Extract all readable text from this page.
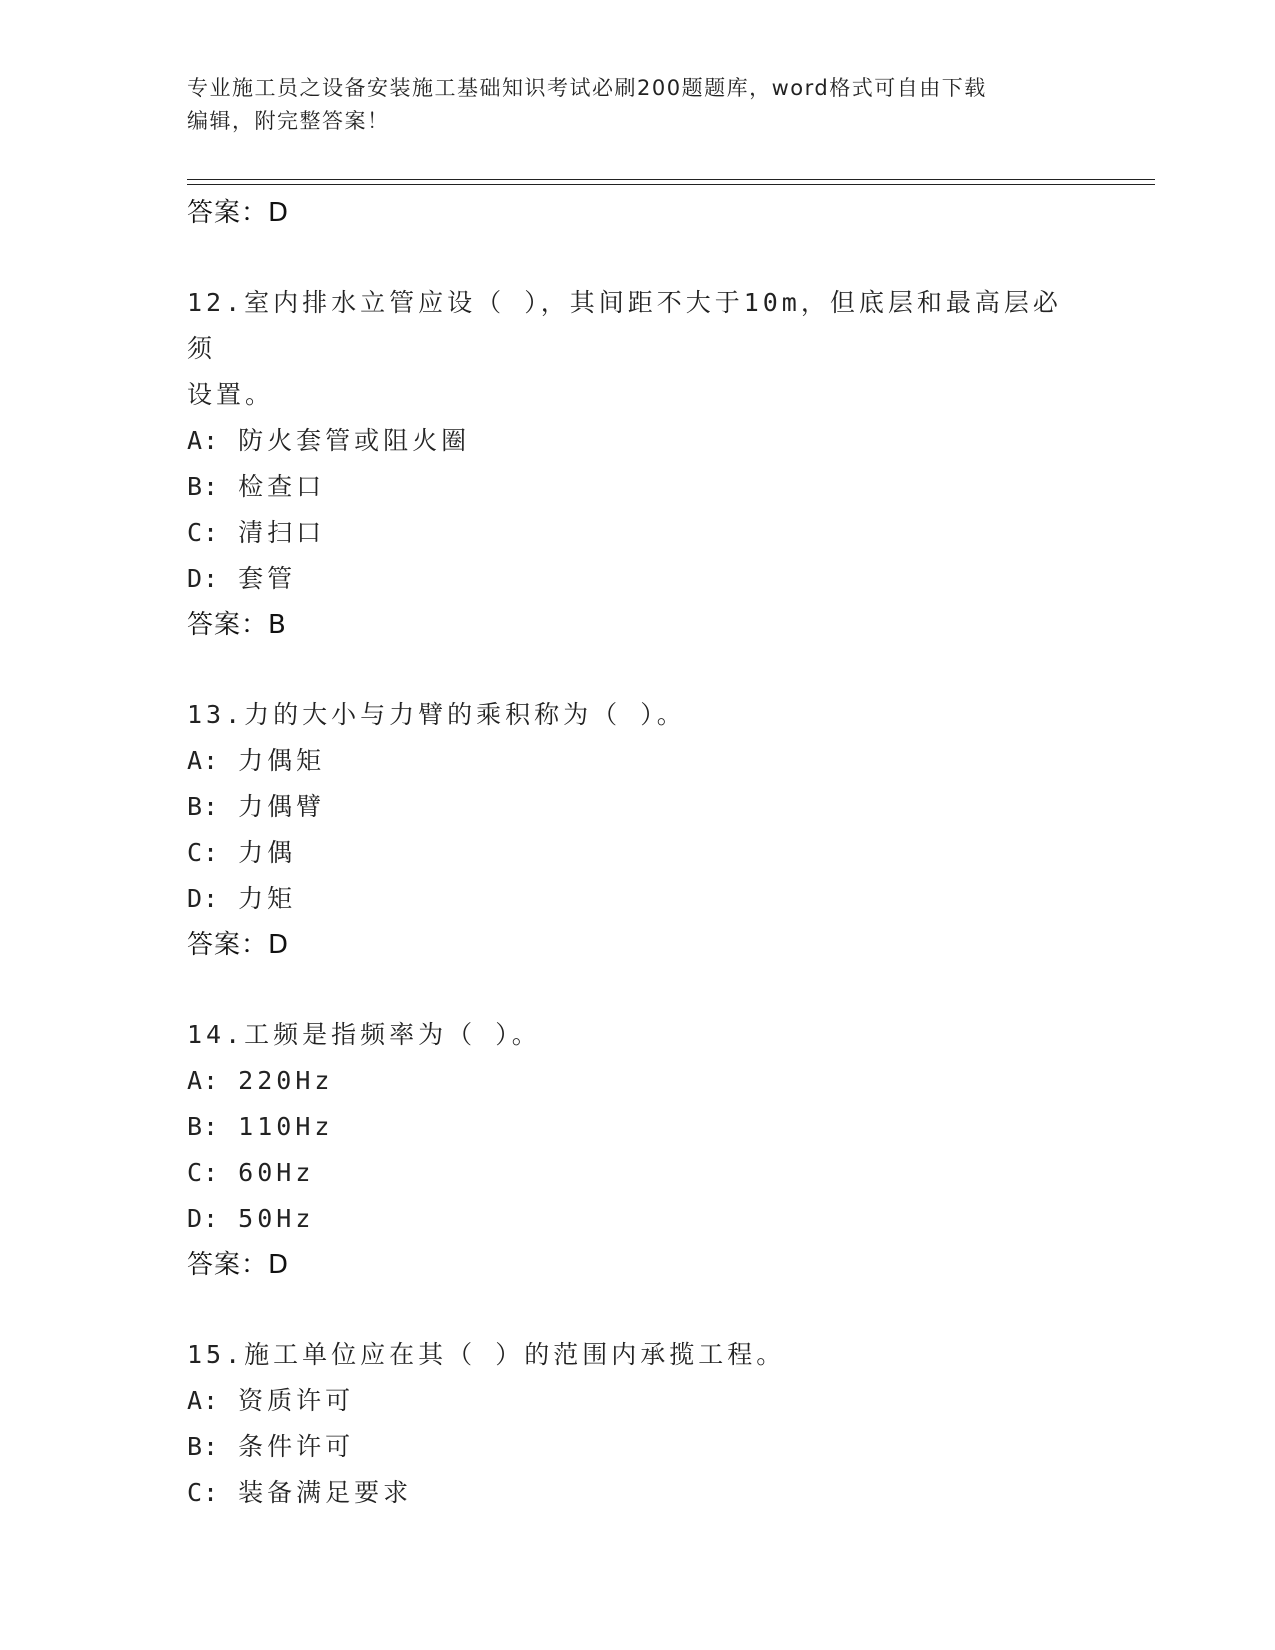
专业施工员之设备安装施工基础知识考试必刷200题题库，word格式可自由下载
编辑，附完整答案！
答案：D
12.室内排水立管应设（ ），其间距不大于10m，但底层和最高层必须
设置。
A: 防火套管或阻火圈
B: 检查口
C: 清扫口
D: 套管
答案：B
13.力的大小与力臂的乘积称为（ ）。
A: 力偶矩
B: 力偶臂
C: 力偶
D: 力矩
答案：D
14.工频是指频率为（ ）。
A: 220Hz
B: 110Hz
C: 60Hz
D: 50Hz
答案：D
15.施工单位应在其（ ）的范围内承揽工程。
A: 资质许可
B: 条件许可
C: 装备满足要求
